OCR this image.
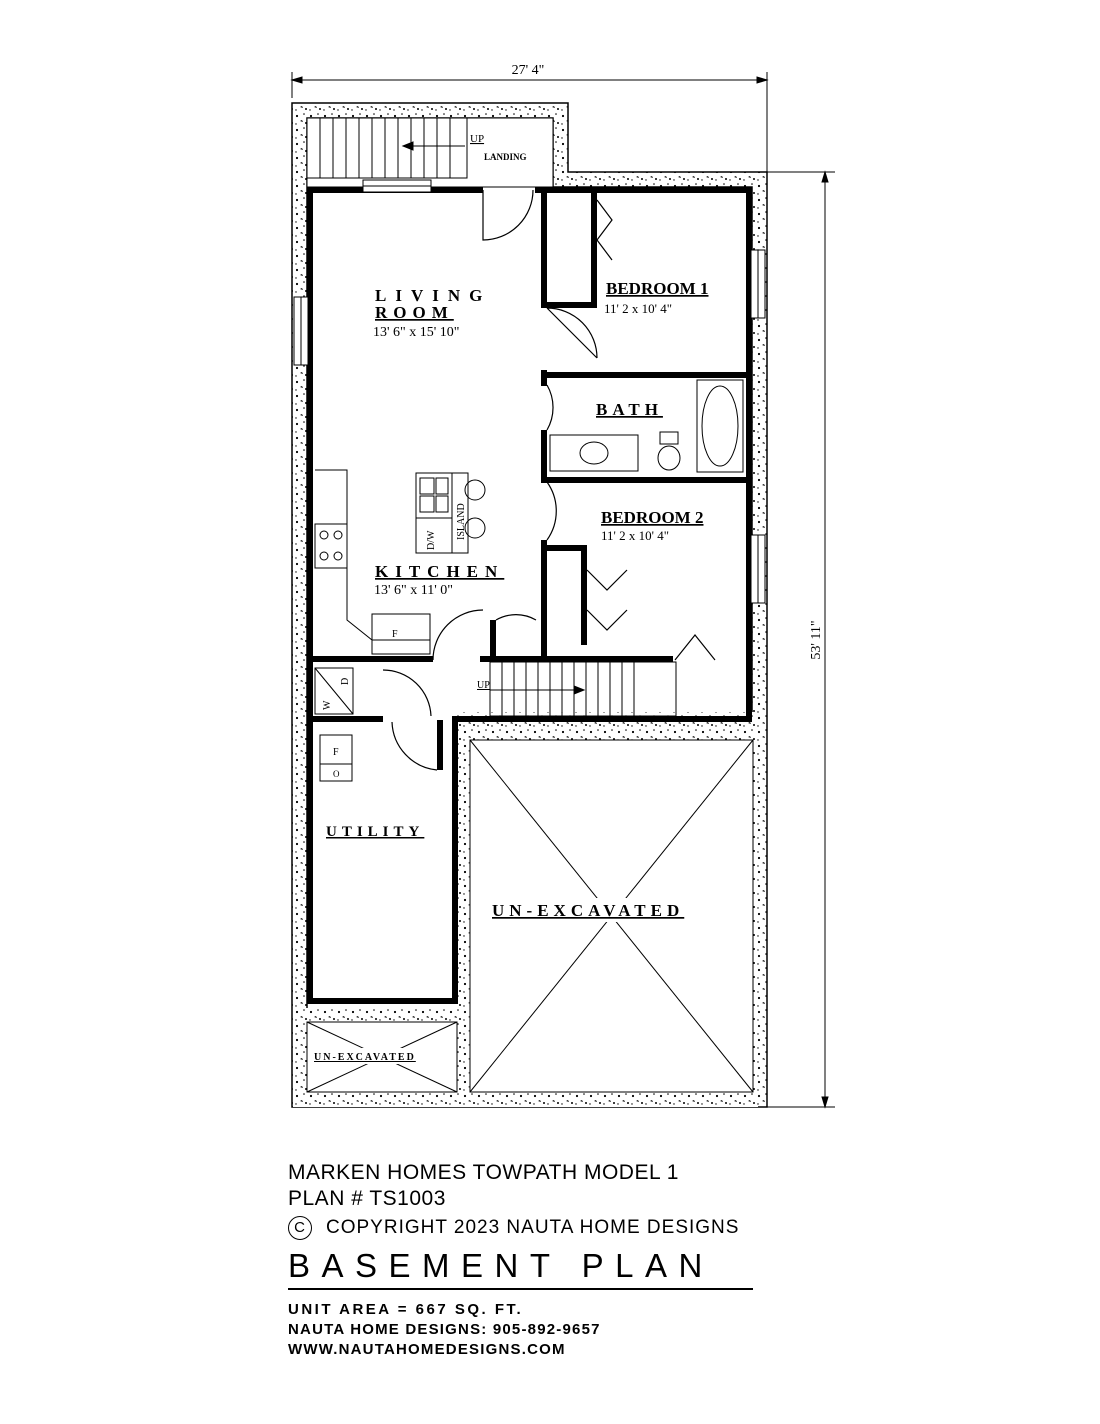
27' 4"
53' 11"
UP
LANDING
D/W
ISLAND
F
UP
W
D
F
O
LIVING
ROOM
13' 6" x 15' 10"
BEDROOM 1
11' 2 x 10' 4"
BATH
BEDROOM 2
11' 2 x 10' 4"
KITCHEN
13' 6" x 11' 0"
UTILITY
UN-EXCAVATED
UN-EXCAVATED
MARKEN HOMES TOWPATH MODEL 1
PLAN # TS1003
C	COPYRIGHT 2023 NAUTA HOME DESIGNS
BASEMENT PLAN
UNIT AREA = 667 SQ. FT.
NAUTA HOME DESIGNS: 905-892-9657
WWW.NAUTAHOMEDESIGNS.COM
